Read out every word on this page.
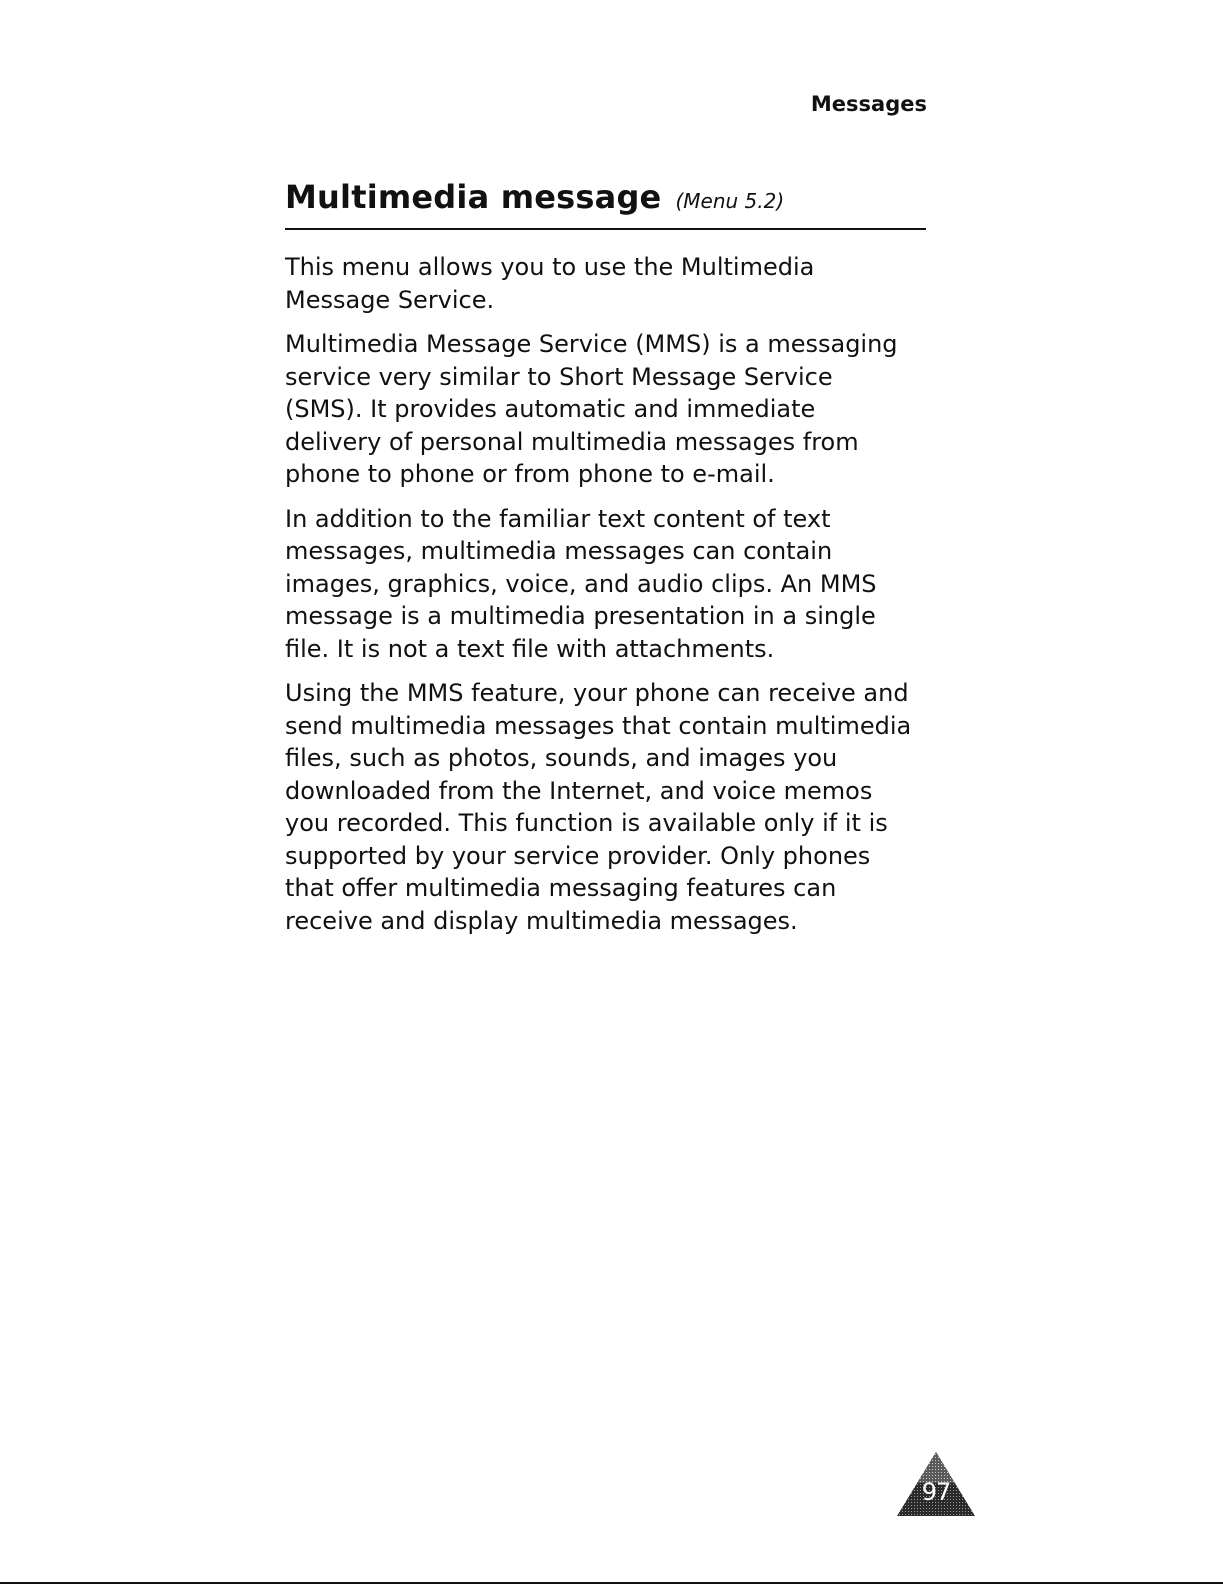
Messages
Multimedia message (Menu 5.2)

This menu allows you to use the Multimedia
Message Service.

Multimedia Message Service (MMS) is a messaging
service very similar to Short Message Service
(SMS). It provides automatic and immediate
delivery of personal multimedia messages from
phone to phone or from phone to e-mail.

In addition to the familiar text content of text
messages, multimedia messages can contain
images, graphics, voice, and audio clips. An MMS
message is a multimedia presentation in a single
file. It is not a text file with attachments.

Using the MMS feature, your phone can receive and
send multimedia messages that contain multimedia
files, such as photos, sounds, and images you
downloaded from the Internet, and voice memos
you recorded. This function is available only if it is
supported by your service provider. Only phones
that offer multimedia messaging features can
receive and display multimedia messages.

97
